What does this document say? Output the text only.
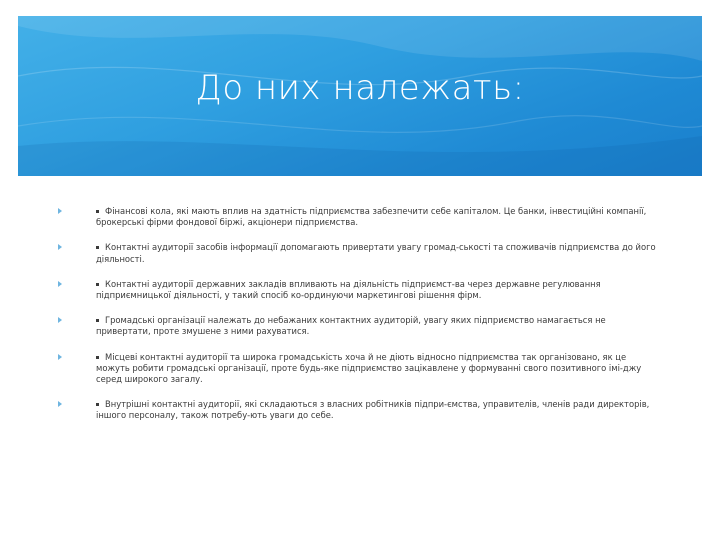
До них належать:
Фінансові кола, які мають вплив на здатність підприємства забезпечити себе капіталом. Це банки, інвестиційні компанії, брокерські фірми фондової біржі, акціонери підприємства.
Контактні аудиторії засобів інформації допомагають привертати увагу громад-ськості та споживачів підприємства до його діяльності.
Контактні аудиторії державних закладів впливають на діяльність підприємст-ва через державне регулювання підприємницької діяльності, у такий спосіб ко-ординуючи маркетингові рішення фірм.
Громадські організації належать до небажаних контактних аудиторій, увагу яких підприємство намагається не привертати, проте змушене з ними рахуватися.
Місцеві контактні аудиторії та широка громадськість хоча й не діють відносно підприємства так організовано, як це можуть робити громадські організації, проте будь-яке підприємство зацікавлене у формуванні свого позитивного імі-джу серед широкого загалу.
Внутрішні контактні аудиторії, які складаються з власних робітників підпри-ємства, управителів, членів ради директорів, іншого персоналу, також потребу-ють уваги до себе.
